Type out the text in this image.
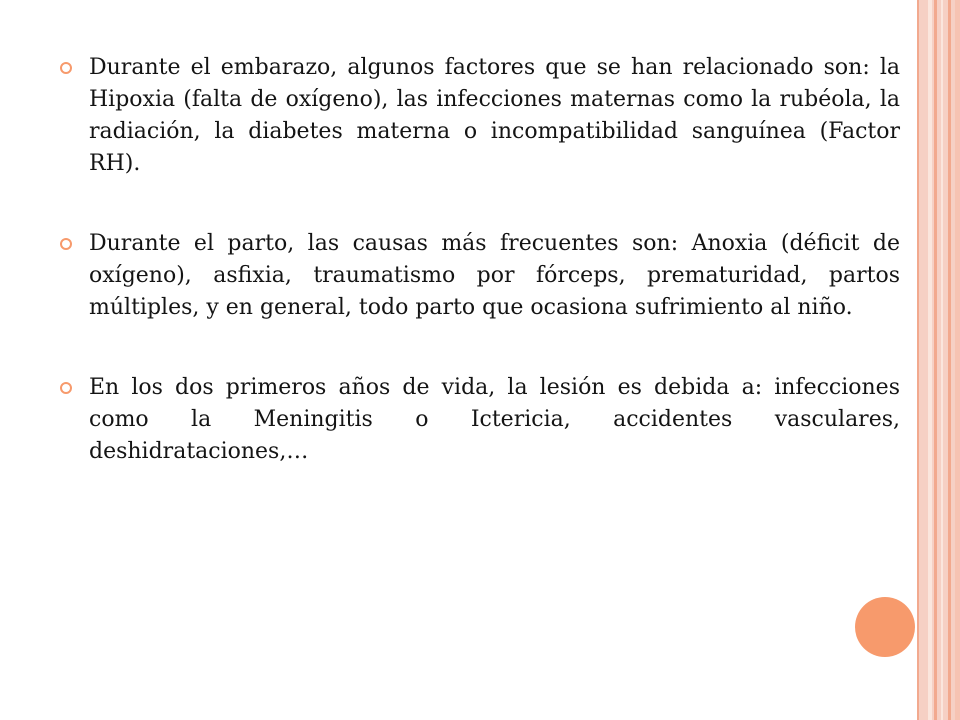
Durante el embarazo, algunos factores que se han relacionado son: la Hipoxia (falta de oxígeno), las infecciones maternas como la rubéola, la radiación, la diabetes materna o incompatibilidad sanguínea (Factor RH).
Durante el parto, las causas más frecuentes son: Anoxia (déficit de oxígeno), asfixia, traumatismo por fórceps, prematuridad, partos múltiples, y en general, todo parto que ocasiona sufrimiento al niño.
En los dos primeros años de vida, la lesión es debida a: infecciones como la Meningitis o Ictericia, accidentes vasculares, deshidrataciones,…
